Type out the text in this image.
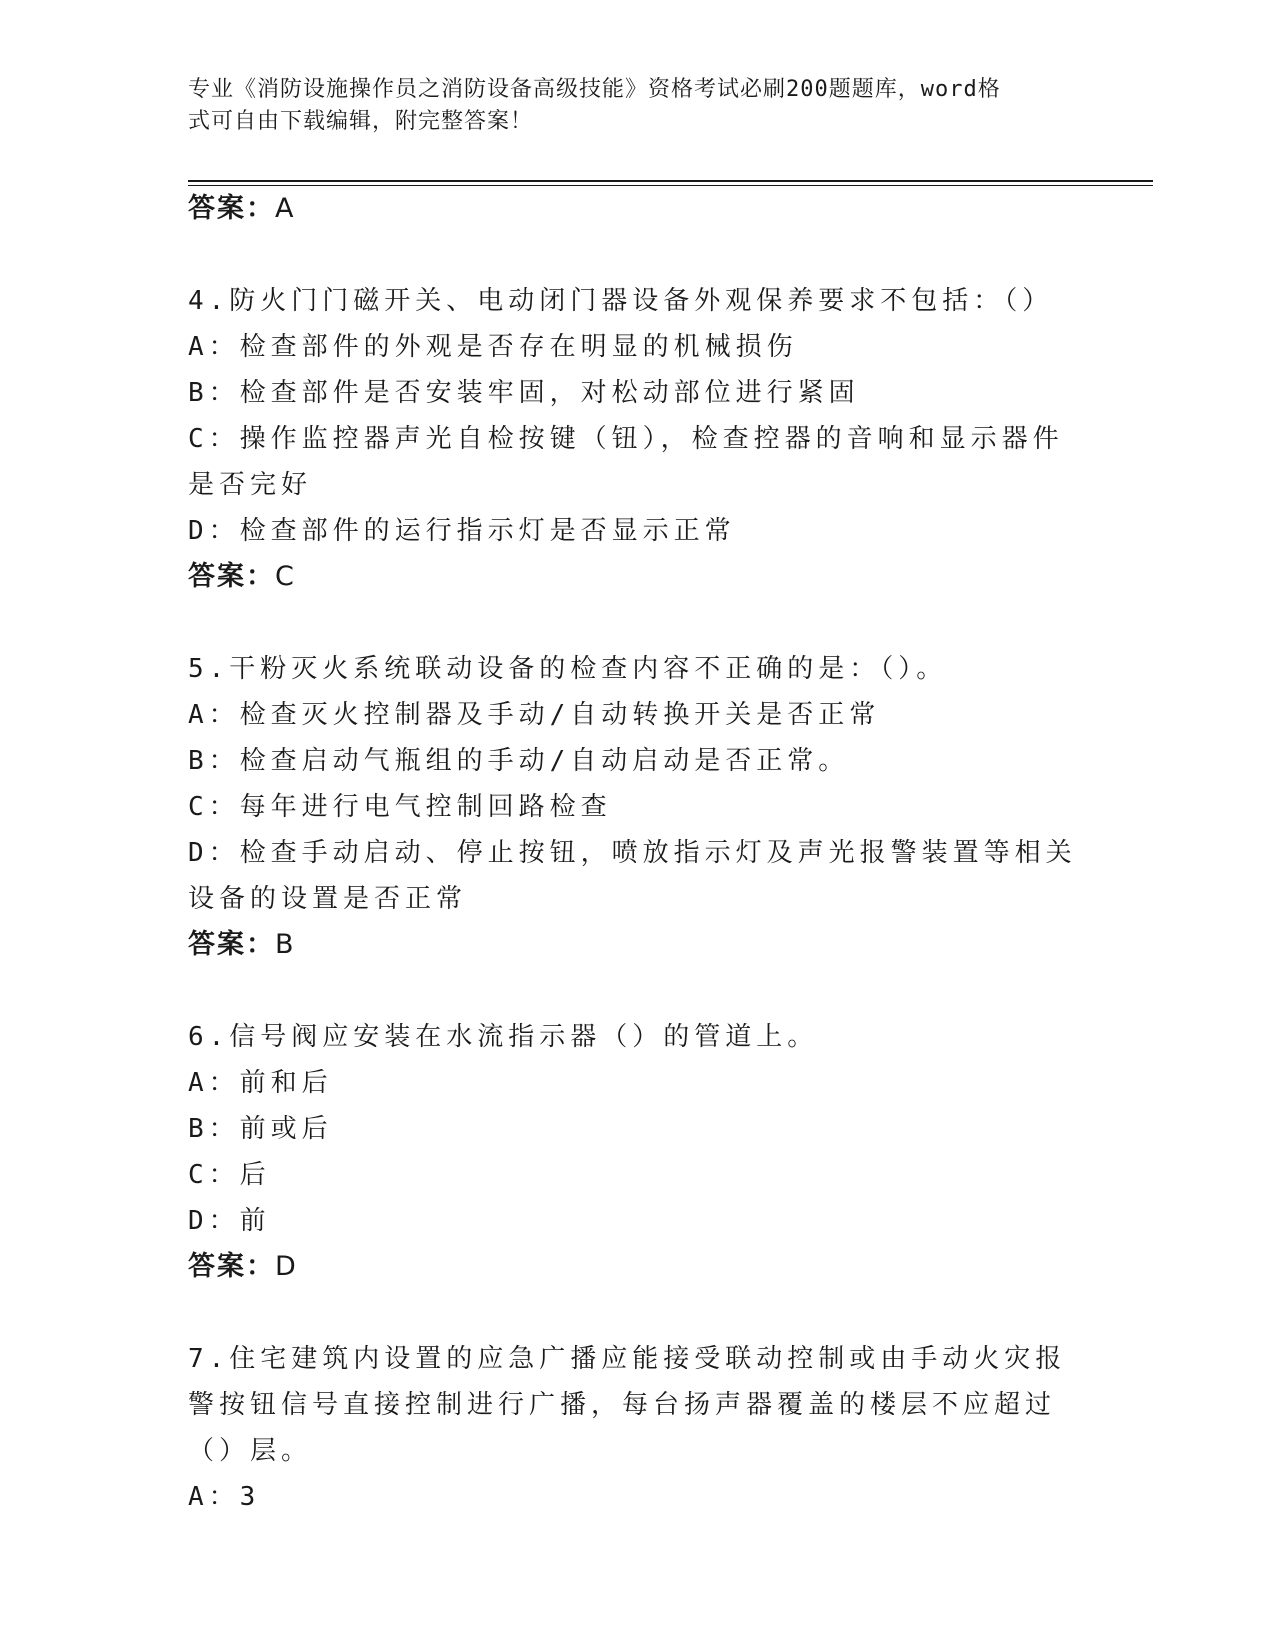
专业《消防设施操作员之消防设备高级技能》资格考试必刷200题题库，word格
式可自由下载编辑，附完整答案！
答案：A
4.防火门门磁开关、电动闭门器设备外观保养要求不包括：（）
A：检查部件的外观是否存在明显的机械损伤
B：检查部件是否安装牢固，对松动部位进行紧固
C：操作监控器声光自检按键（钮），检查控器的音响和显示器件是否完好
D：检查部件的运行指示灯是否显示正常
答案：C
5.干粉灭火系统联动设备的检查内容不正确的是：（）。
A：检查灭火控制器及手动/自动转换开关是否正常
B：检查启动气瓶组的手动/自动启动是否正常。
C：每年进行电气控制回路检查
D：检查手动启动、停止按钮，喷放指示灯及声光报警装置等相关设备的设置是否正常
答案：B
6.信号阀应安装在水流指示器（）的管道上。
A：前和后
B：前或后
C：后
D：前
答案：D
7.住宅建筑内设置的应急广播应能接受联动控制或由手动火灾报警按钮信号直接控制进行广播，每台扬声器覆盖的楼层不应超过（）层。
A：3
